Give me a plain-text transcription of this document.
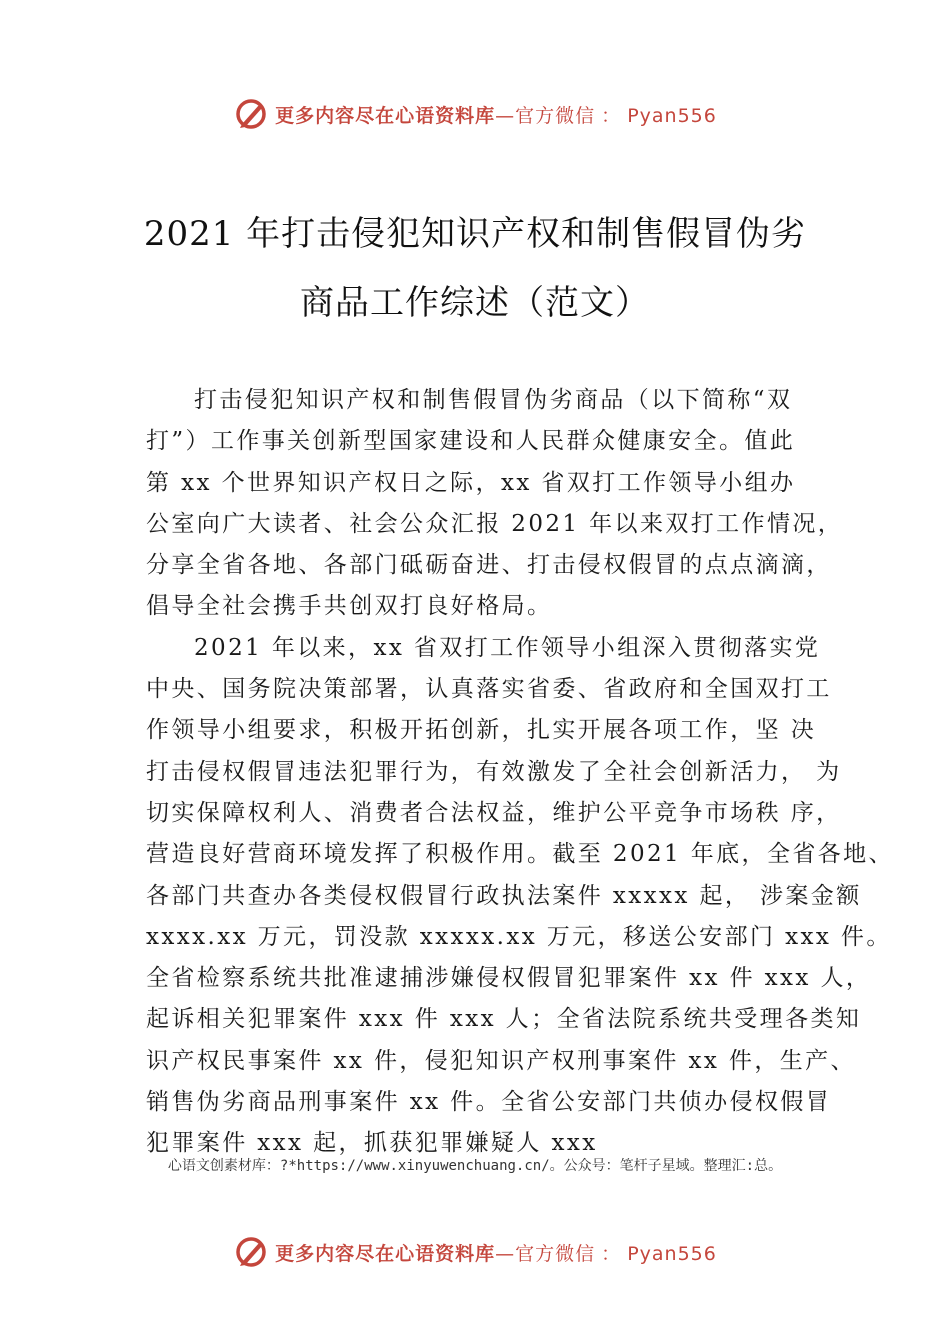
更多内容尽在心语资料库—官方微信 ： Pyan556
2021 年打击侵犯知识产权和制售假冒伪劣
商品工作综述（范文）
打击侵犯知识产权和制售假冒伪劣商品（以下简称“双
打”）工作事关创新型国家建设和人民群众健康安全。值此
第 xx 个世界知识产权日之际，xx 省双打工作领导小组办
公室向广大读者、社会公众汇报 2021 年以来双打工作情况，
分享全省各地、各部门砥砺奋进、打击侵权假冒的点点滴滴，
倡导全社会携手共创双打良好格局。
2021 年以来，xx 省双打工作领导小组深入贯彻落实党
中央、国务院决策部署，认真落实省委、省政府和全国双打工
作领导小组要求，积极开拓创新，扎实开展各项工作，坚 决
打击侵权假冒违法犯罪行为，有效激发了全社会创新活力， 为
切实保障权利人、消费者合法权益，维护公平竞争市场秩 序，
营造良好营商环境发挥了积极作用。截至 2021 年底，全省各地、
各部门共查办各类侵权假冒行政执法案件 xxxxx 起， 涉案金额
xxxx.xx 万元，罚没款 xxxxx.xx 万元，移送公安部门 xxx 件。
全省检察系统共批准逮捕涉嫌侵权假冒犯罪案件 xx 件 xxx 人，
起诉相关犯罪案件 xxx 件 xxx 人；全省法院系统共受理各类知
识产权民事案件 xx 件，侵犯知识产权刑事案件 xx 件，生产、
销售伪劣商品刑事案件 xx 件。全省公安部门共侦办侵权假冒
犯罪案件 xxx 起，抓获犯罪嫌疑人 xxx
心语文创素材库：?*https://www.xinyuwenchuang.cn/。公众号：笔杆子星域。整理汇:总。
更多内容尽在心语资料库—官方微信 ： Pyan556
